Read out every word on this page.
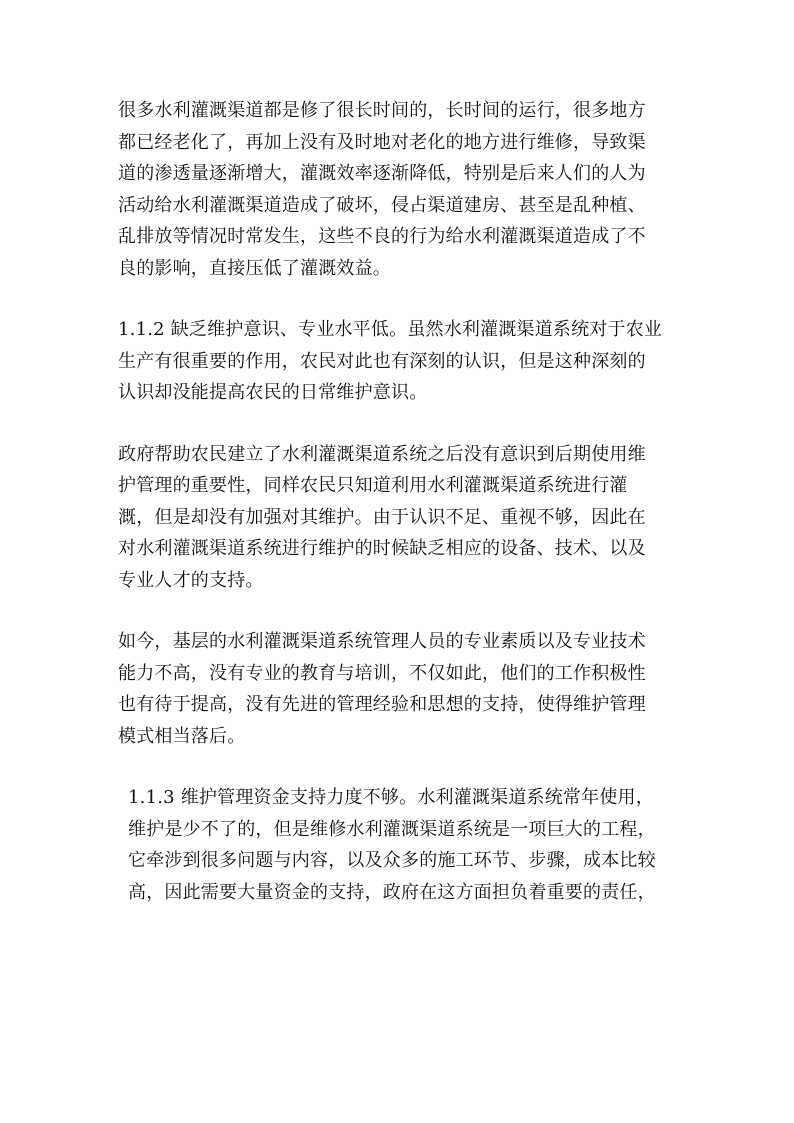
很多水利灌溉渠道都是修了很长时间的，长时间的运行，很多地方
都已经老化了，再加上没有及时地对老化的地方进行维修，导致渠
道的渗透量逐渐增大，灌溉效率逐渐降低，特别是后来人们的人为
活动给水利灌溉渠道造成了破坏，侵占渠道建房、甚至是乱种植、
乱排放等情况时常发生，这些不良的行为给水利灌溉渠道造成了不
良的影响，直接压低了灌溉效益。

1.1.2 缺乏维护意识、专业水平低。虽然水利灌溉渠道系统对于农业
生产有很重要的作用，农民对此也有深刻的认识，但是这种深刻的
认识却没能提高农民的日常维护意识。

政府帮助农民建立了水利灌溉渠道系统之后没有意识到后期使用维
护管理的重要性，同样农民只知道利用水利灌溉渠道系统进行灌
溉，但是却没有加强对其维护。由于认识不足、重视不够，因此在
对水利灌溉渠道系统进行维护的时候缺乏相应的设备、技术、以及
专业人才的支持。

如今，基层的水利灌溉渠道系统管理人员的专业素质以及专业技术
能力不高，没有专业的教育与培训，不仅如此，他们的工作积极性
也有待于提高，没有先进的管理经验和思想的支持，使得维护管理
模式相当落后。

1.1.3 维护管理资金支持力度不够。水利灌溉渠道系统常年使用，
维护是少不了的，但是维修水利灌溉渠道系统是一项巨大的工程，
它牵涉到很多问题与内容，以及众多的施工环节、步骤，成本比较
高，因此需要大量资金的支持，政府在这方面担负着重要的责任，
